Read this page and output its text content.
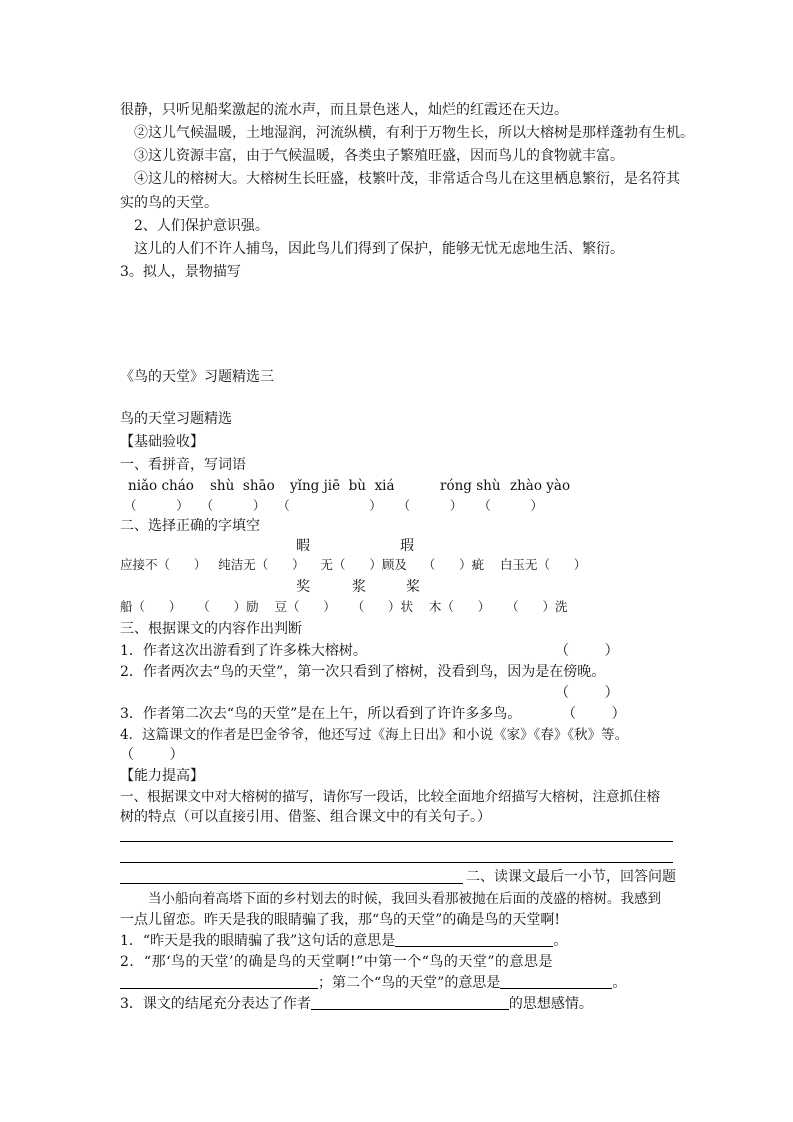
很静，只听见船桨激起的流水声，而且景色迷人，灿烂的红霞还在天边。
②这儿气候温暖，土地湿润，河流纵横，有利于万物生长，所以大榕树是那样蓬勃有生机。
③这儿资源丰富，由于气候温暖，各类虫子繁殖旺盛，因而鸟儿的食物就丰富。
④这儿的榕树大。大榕树生长旺盛，枝繁叶茂，非常适合鸟儿在这里栖息繁衍，是名符其
实的鸟的天堂。
2、人们保护意识强。
这儿的人们不许人捕鸟，因此鸟儿们得到了保护，能够无忧无虑地生活、繁衍。
3。拟人，景物描写
《鸟的天堂》习题精选三
鸟的天堂习题精选
【基础验收】
一、看拼音，写词语
niǎo cháo shù  shāo yǐng jiē  bù  xiá	róng shù zhào yào
（          ）   （          ）   （                    ）    （          ）    （          ）
二、选择正确的字填空
暇	瑕
应接不（      ）   纯洁无（      ）    无（      ）顾及    （      ）疵    白玉无（      ）
奖	浆	桨
船（      ）    （      ）励    豆（      ）    （      ）状    木（      ）    （      ）洗
三、根据课文的内容作出判断
1．作者这次出游看到了许多株大榕树。	（        ）
2．作者两次去“鸟的天堂”，第一次只看到了榕树，没看到鸟，因为是在傍晚。
（        ）
3．作者第二次去“鸟的天堂”是在上午，所以看到了许许多多鸟。	（        ）
4．这篇课文的作者是巴金爷爷，他还写过《海上日出》和小说《家》《春》《秋》等。
（        ）
【能力提高】
一、根据课文中对大榕树的描写，请你写一段话，比较全面地介绍描写大榕树，注意抓住榕
树的特点（可以直接引用、借鉴、组合课文中的有关句子。）
二、读课文最后一小节，回答问题
当小船向着高塔下面的乡村划去的时候，我回头看那被抛在后面的茂盛的榕树。我感到
一点儿留恋。昨天是我的眼睛骗了我，那“鸟的天堂”的确是鸟的天堂啊!
1．“昨天是我的眼睛骗了我”这句话的意思是	。
2．“那‘鸟的天堂’的确是鸟的天堂啊!”中第一个“鸟的天堂”的意思是
；第二个“鸟的天堂”的意思是	。
3．课文的结尾充分表达了作者	的思想感情。
